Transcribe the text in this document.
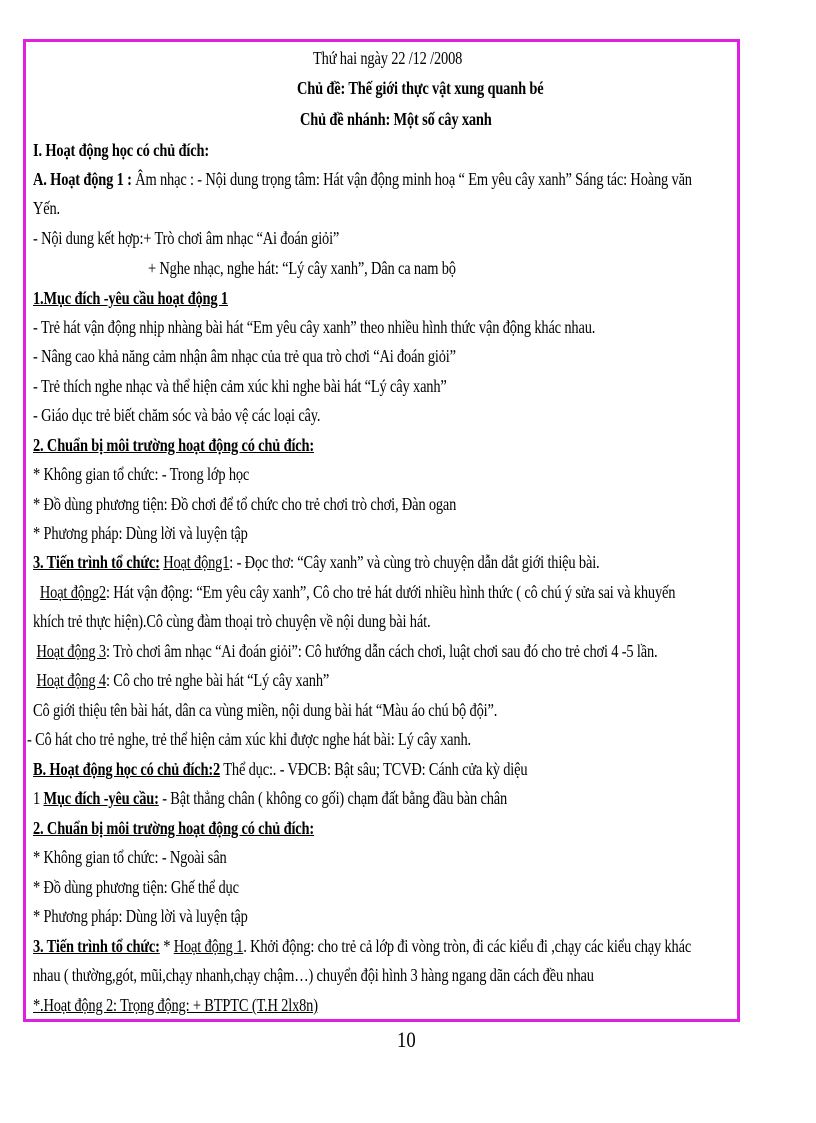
Thứ hai ngày 22 /12 /2008
Chủ đề: Thế giới thực vật xung quanh bé
Chủ đề nhánh: Một số cây xanh
I. Hoạt động học có chủ đích:
A. Hoạt động 1 : Âm nhạc : - Nội dung trọng tâm: Hát vận động minh hoạ “ Em yêu cây xanh” Sáng tác: Hoàng văn
Yến.
- Nội dung kết hợp:+ Trò chơi âm nhạc “Ai đoán giỏi”
+ Nghe nhạc, nghe hát: “Lý cây xanh”, Dân ca nam bộ
1.Mục đích -yêu cầu hoạt động 1
- Trẻ hát vận động nhịp nhàng bài hát “Em yêu cây xanh” theo nhiều hình thức vận động khác nhau.
- Nâng cao khả năng cảm nhận âm nhạc của trẻ qua trò chơi “Ai đoán giỏi”
- Trẻ thích nghe nhạc và thể hiện cảm xúc khi nghe bài hát “Lý cây xanh”
- Giáo dục trẻ biết chăm sóc và bảo vệ các loại cây.
2. Chuẩn bị môi trường hoạt động có chủ đích:
* Không gian tổ chức: - Trong lớp học
* Đồ dùng phương tiện: Đồ chơi để tổ chức cho trẻ chơi trò chơi, Đàn ogan
* Phương pháp: Dùng lời và luyện tập
3. Tiến trình tổ chức: Hoạt động1: - Đọc thơ: “Cây xanh” và cùng trò chuyện dẫn dắt giới thiệu bài.
Hoạt động2: Hát vận động: “Em yêu cây xanh”, Cô cho trẻ hát dưới nhiều hình thức ( cô chú ý sửa sai và khuyến
khích trẻ thực hiện).Cô cùng đàm thoại trò chuyện về nội dung bài hát.
Hoạt động 3: Trò chơi âm nhạc “Ai đoán giỏi”: Cô hướng dẫn cách chơi, luật chơi sau đó cho trẻ chơi 4 -5 lần.
Hoạt động 4: Cô cho trẻ nghe bài hát “Lý cây xanh”
Cô giới thiệu tên bài hát, dân ca vùng miền, nội dung bài hát “Màu áo chú bộ đội”.
- Cô hát cho trẻ nghe, trẻ thể hiện cảm xúc khi được nghe hát bài: Lý cây xanh.
B. Hoạt động học có chủ đích:2 Thể dục:. - VĐCB: Bật sâu; TCVĐ: Cánh cửa kỳ diệu
1 Mục đích -yêu cầu: - Bật thẳng chân ( không co gối) chạm đất bằng đầu bàn chân
2. Chuẩn bị môi trường hoạt động có chủ đích:
* Không gian tổ chức: - Ngoài sân
* Đồ dùng phương tiện: Ghế thể dục
* Phương pháp: Dùng lời và luyện tập
3. Tiến trình tổ chức: * Hoạt động 1. Khởi động: cho trẻ cả lớp đi vòng tròn, đi các kiểu đi ,chạy các kiểu chạy khác
nhau ( thường,gót, mũi,chạy nhanh,chạy chậm…) chuyển đội hình 3 hàng ngang dãn cách đều nhau
*.Hoạt động 2: Trọng động: + BTPTC (T.H 2lx8n)
10
